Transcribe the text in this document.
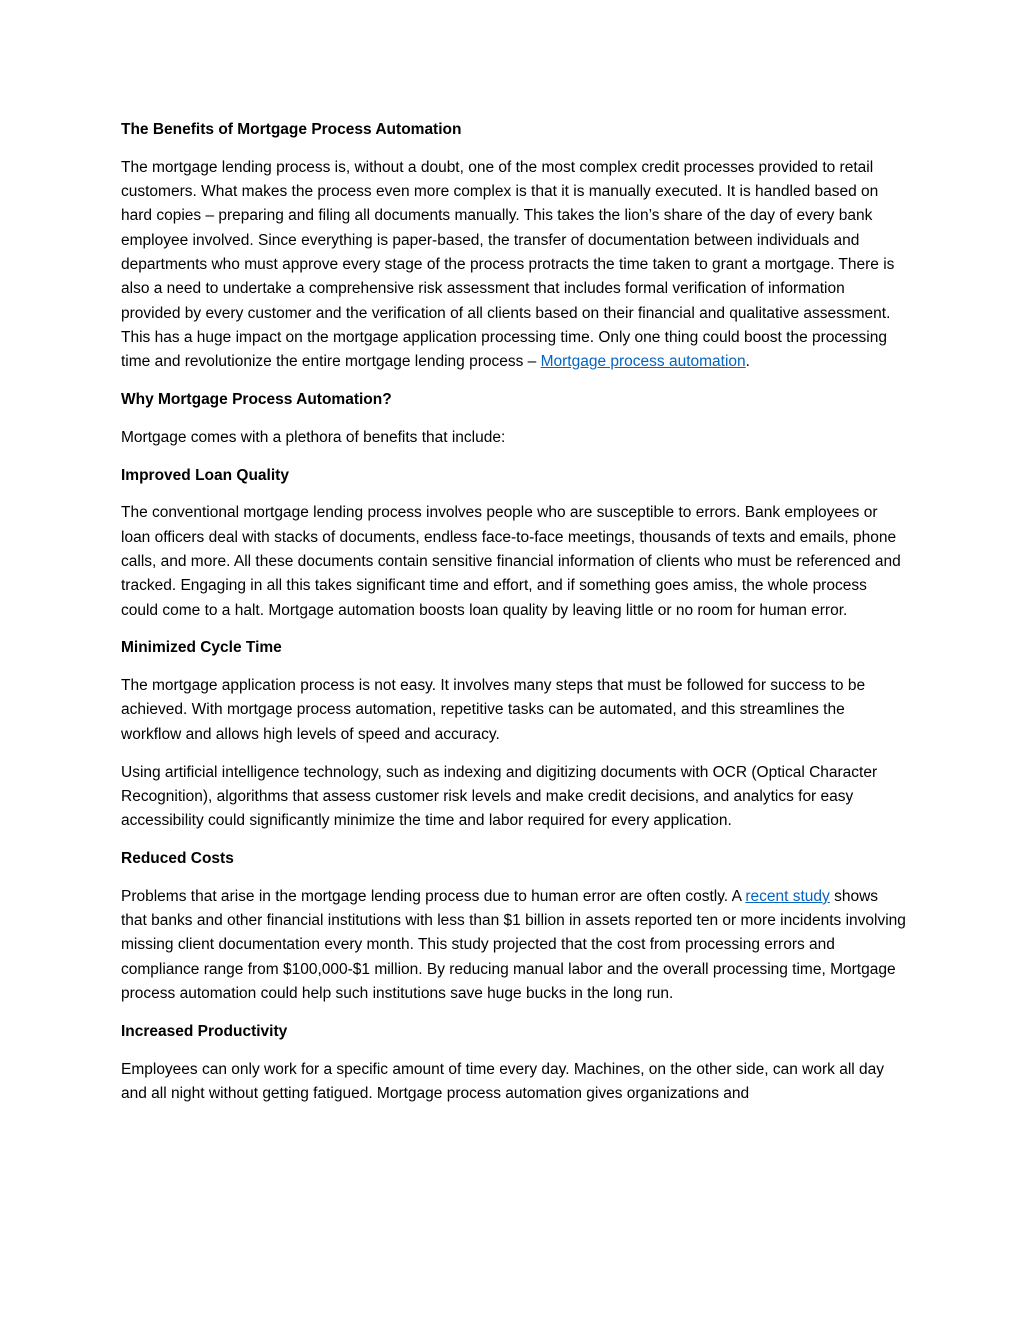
The Benefits of Mortgage Process Automation

The mortgage lending process is, without a doubt, one of the most complex credit processes provided to retail customers. What makes the process even more complex is that it is manually executed. It is handled based on hard copies – preparing and filing all documents manually. This takes the lion’s share of the day of every bank employee involved. Since everything is paper-based, the transfer of documentation between individuals and departments who must approve every stage of the process protracts the time taken to grant a mortgage. There is also a need to undertake a comprehensive risk assessment that includes formal verification of information provided by every customer and the verification of all clients based on their financial and qualitative assessment. This has a huge impact on the mortgage application processing time. Only one thing could boost the processing time and revolutionize the entire mortgage lending process – Mortgage process automation.

Why Mortgage Process Automation?

Mortgage comes with a plethora of benefits that include:

Improved Loan Quality

The conventional mortgage lending process involves people who are susceptible to errors. Bank employees or loan officers deal with stacks of documents, endless face-to-face meetings, thousands of texts and emails, phone calls, and more. All these documents contain sensitive financial information of clients who must be referenced and tracked. Engaging in all this takes significant time and effort, and if something goes amiss, the whole process could come to a halt. Mortgage automation boosts loan quality by leaving little or no room for human error.

Minimized Cycle Time

The mortgage application process is not easy. It involves many steps that must be followed for success to be achieved. With mortgage process automation, repetitive tasks can be automated, and this streamlines the workflow and allows high levels of speed and accuracy.

Using artificial intelligence technology, such as indexing and digitizing documents with OCR (Optical Character Recognition), algorithms that assess customer risk levels and make credit decisions, and analytics for easy accessibility could significantly minimize the time and labor required for every application.

Reduced Costs

Problems that arise in the mortgage lending process due to human error are often costly. A recent study shows that banks and other financial institutions with less than $1 billion in assets reported ten or more incidents involving missing client documentation every month. This study projected that the cost from processing errors and compliance range from $100,000-$1 million. By reducing manual labor and the overall processing time, Mortgage process automation could help such institutions save huge bucks in the long run.

Increased Productivity

Employees can only work for a specific amount of time every day. Machines, on the other side, can work all day and all night without getting fatigued. Mortgage process automation gives organizations and
